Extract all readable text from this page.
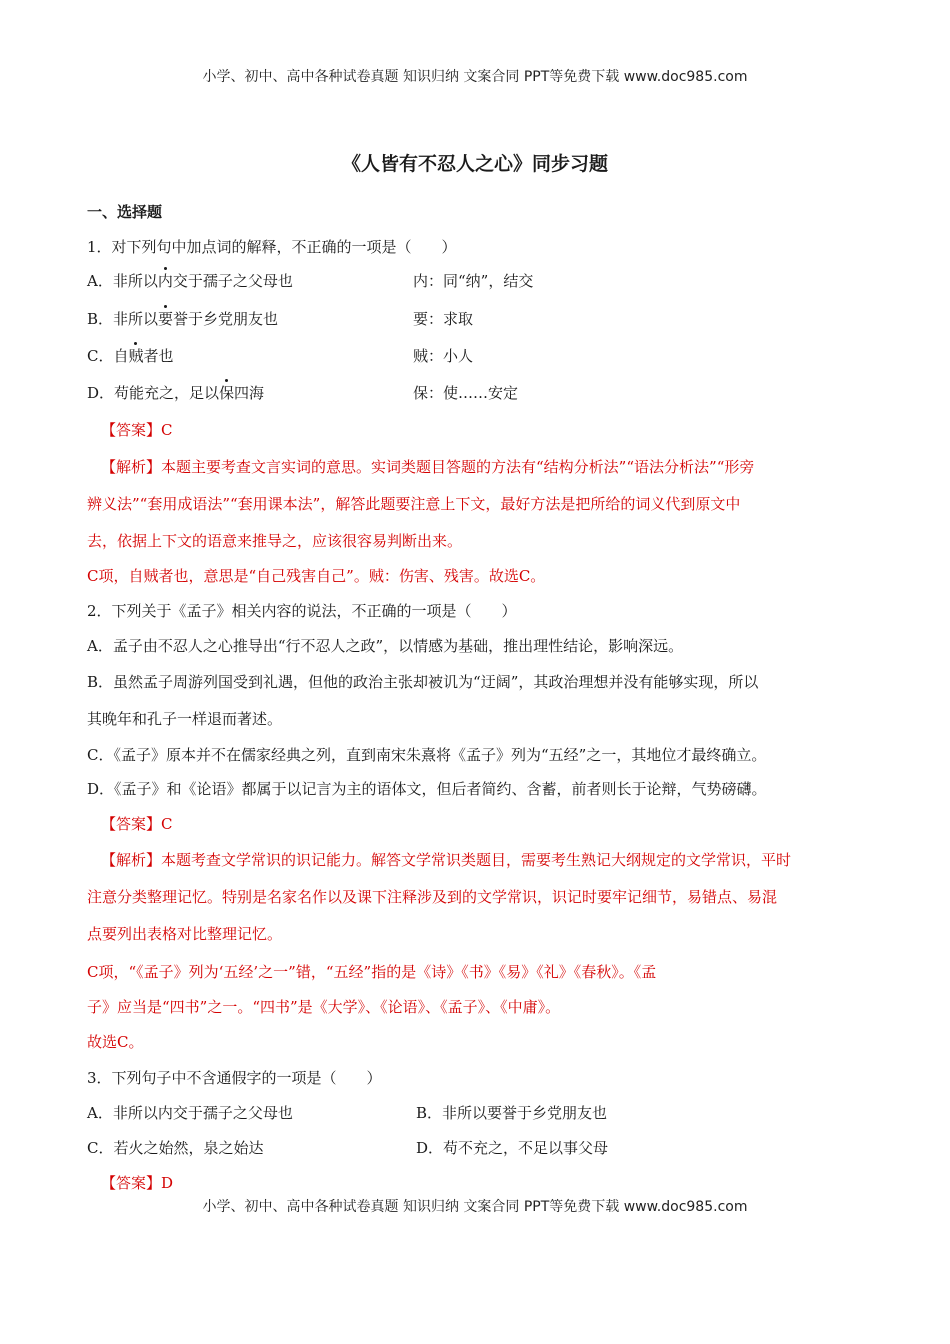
小学、初中、高中各种试卷真题 知识归纳 文案合同 PPT等免费下载 www.doc985.com
《人皆有不忍人之心》同步习题
一、选择题
1．对下列句中加点词的解释，不正确的一项是（　　）
A．非所以内交于孺子之父母也	内：同“纳”，结交
B．非所以要誉于乡党朋友也	要：求取
C．自贼者也	贼：小人
D．苟能充之，足以保四海	保：使……安定
【答案】C
【解析】本题主要考查文言实词的意思。实词类题目答题的方法有“结构分析法”“语法分析法”“形旁
辨义法”“套用成语法”“套用课本法”，解答此题要注意上下文，最好方法是把所给的词义代到原文中
去，依据上下文的语意来推导之，应该很容易判断出来。
C项，自贼者也，意思是“自己残害自己”。贼：伤害、残害。故选C。
2．下列关于《孟子》相关内容的说法，不正确的一项是（　　）
A．孟子由不忍人之心推导出“行不忍人之政”，以情感为基础，推出理性结论，影响深远。
B．虽然孟子周游列国受到礼遇，但他的政治主张却被讥为“迂阔”，其政治理想并没有能够实现，所以
其晚年和孔子一样退而著述。
C．《孟子》原本并不在儒家经典之列，直到南宋朱熹将《孟子》列为“五经”之一，其地位才最终确立。
D．《孟子》和《论语》都属于以记言为主的语体文，但后者简约、含蓄，前者则长于论辩，气势磅礴。
【答案】C
【解析】本题考查文学常识的识记能力。解答文学常识类题目，需要考生熟记大纲规定的文学常识，平时
注意分类整理记忆。特别是名家名作以及课下注释涉及到的文学常识，识记时要牢记细节，易错点、易混
点要列出表格对比整理记忆。
C项，“《孟子》列为‘五经’之一”错，“五经”指的是《诗》《书》《易》《礼》《春秋》。《孟
子》应当是“四书”之一。“四书”是《大学》、《论语》、《孟子》、《中庸》。
故选C。
3．下列句子中不含通假字的一项是（　　）
A．非所以内交于孺子之父母也	B．非所以要誉于乡党朋友也
C．若火之始然，泉之始达	D．苟不充之，不足以事父母
【答案】D
小学、初中、高中各种试卷真题 知识归纳 文案合同 PPT等免费下载 www.doc985.com
